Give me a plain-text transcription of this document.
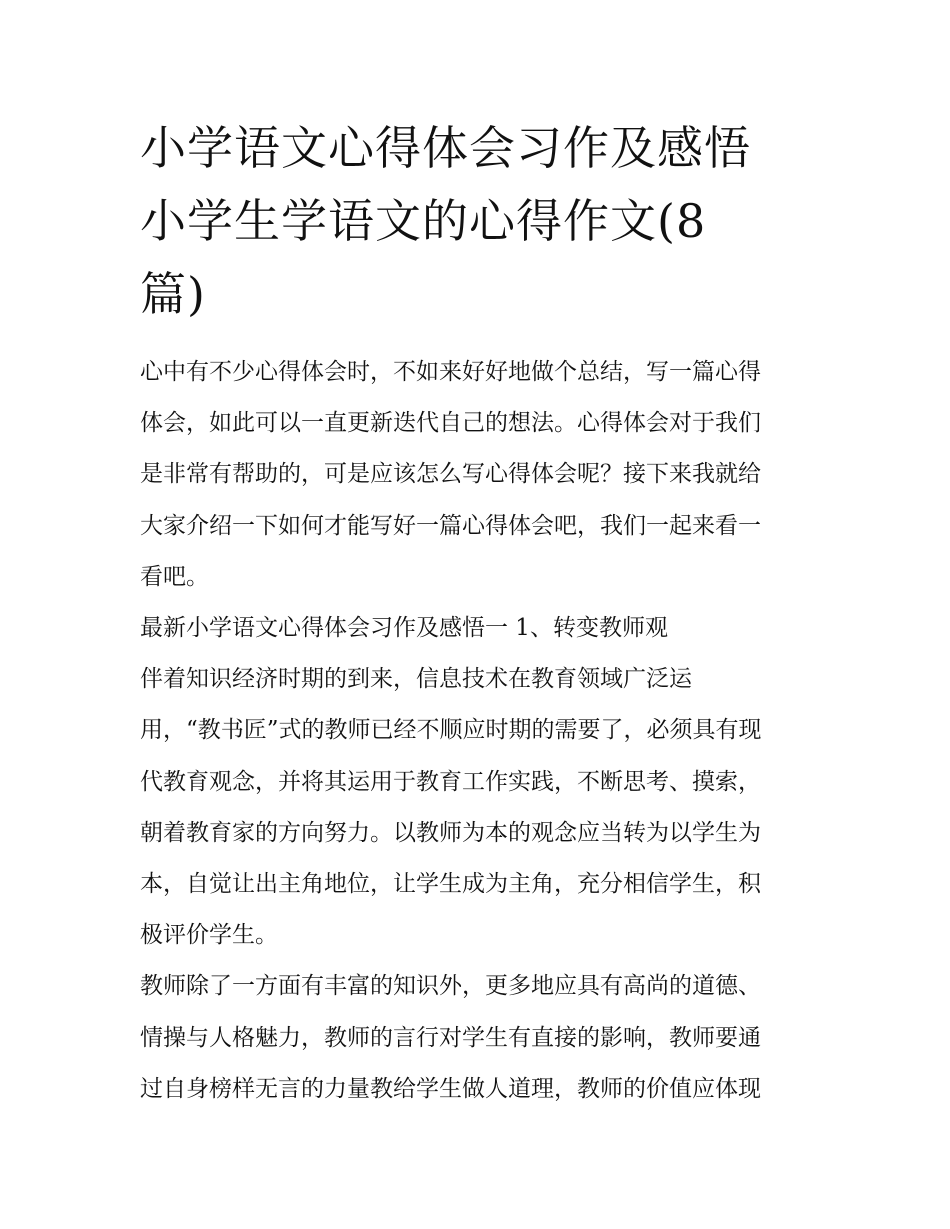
小学语文心得体会习作及感悟
小学生学语文的心得作文(8
篇)

心中有不少心得体会时，不如来好好地做个总结，写一篇心得
体会，如此可以一直更新迭代自己的想法。心得体会对于我们
是非常有帮助的，可是应该怎么写心得体会呢？接下来我就给
大家介绍一下如何才能写好一篇心得体会吧，我们一起来看一
看吧。

最新小学语文心得体会习作及感悟一 1、转变教师观

伴着知识经济时期的到来，信息技术在教育领域广泛运
用，“教书匠”式的教师已经不顺应时期的需要了，必须具有现
代教育观念，并将其运用于教育工作实践，不断思考、摸索，
朝着教育家的方向努力。以教师为本的观念应当转为以学生为
本，自觉让出主角地位，让学生成为主角，充分相信学生，积
极评价学生。

教师除了一方面有丰富的知识外，更多地应具有高尚的道德、
情操与人格魅力，教师的言行对学生有直接的影响，教师要通
过自身榜样无言的力量教给学生做人道理，教师的价值应体现
